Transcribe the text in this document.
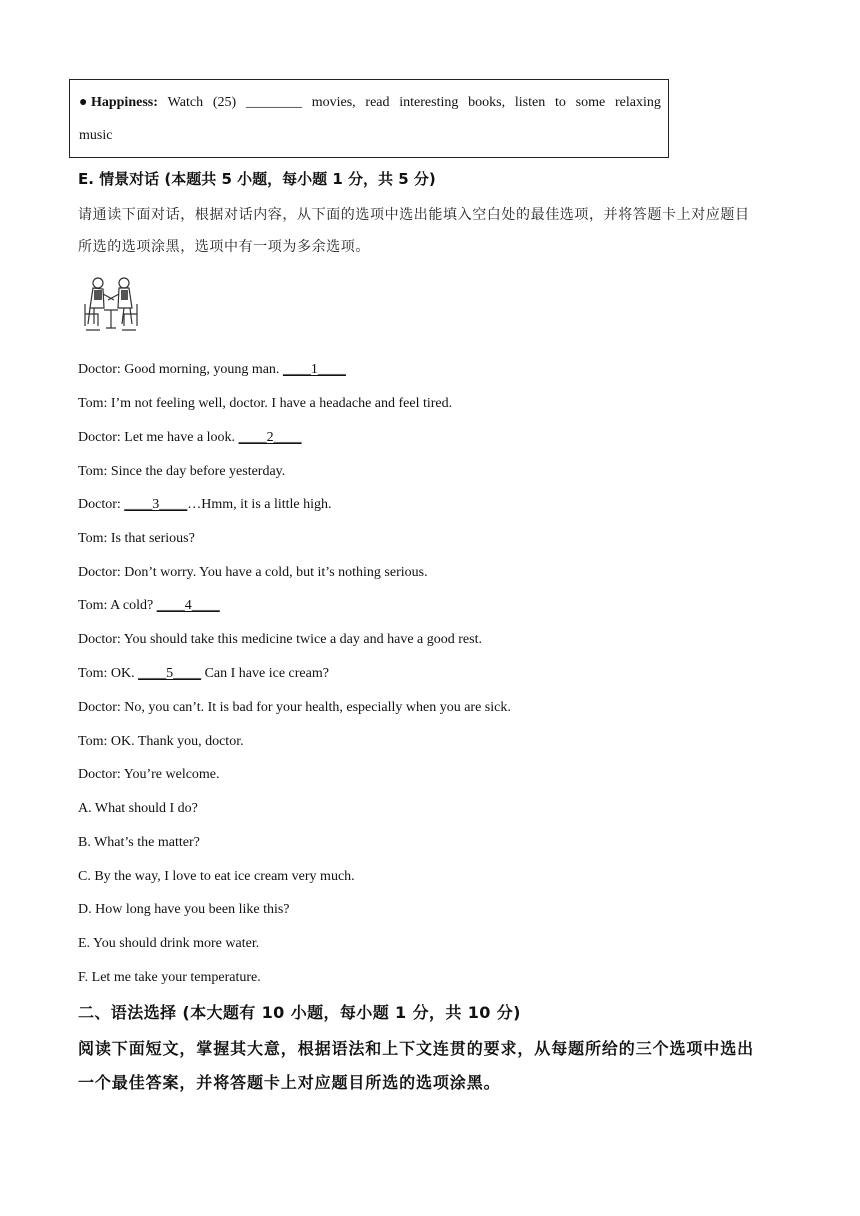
● Happiness: Watch (25) ________ movies, read interesting books, listen to some relaxing
music
E. 情景对话 (本题共 5 小题，每小题 1 分，共 5 分)
请通读下面对话，根据对话内容，从下面的选项中选出能填入空白处的最佳选项，并将答题卡上对应题目
所选的选项涂黑，选项中有一项为多余选项。
Doctor: Good morning, young man. ____1____
Tom: I’m not feeling well, doctor. I have a headache and feel tired.
Doctor: Let me have a look. ____2____
Tom: Since the day before yesterday.
Doctor: ____3____…Hmm, it is a little high.
Tom: Is that serious?
Doctor: Don’t worry. You have a cold, but it’s nothing serious.
Tom: A cold? ____4____
Doctor: You should take this medicine twice a day and have a good rest.
Tom: OK. ____5____ Can I have ice cream?
Doctor: No, you can’t. It is bad for your health, especially when you are sick.
Tom: OK. Thank you, doctor.
Doctor: You’re welcome.
A. What should I do?
B. What’s the matter?
C. By the way, I love to eat ice cream very much.
D. How long have you been like this?
E. You should drink more water.
F. Let me take your temperature.
二、语法选择 (本大题有 10 小题，每小题 1 分，共 10 分)
阅读下面短文，掌握其大意，根据语法和上下文连贯的要求，从每题所给的三个选项中选出
一个最佳答案，并将答题卡上对应题目所选的选项涂黑。
